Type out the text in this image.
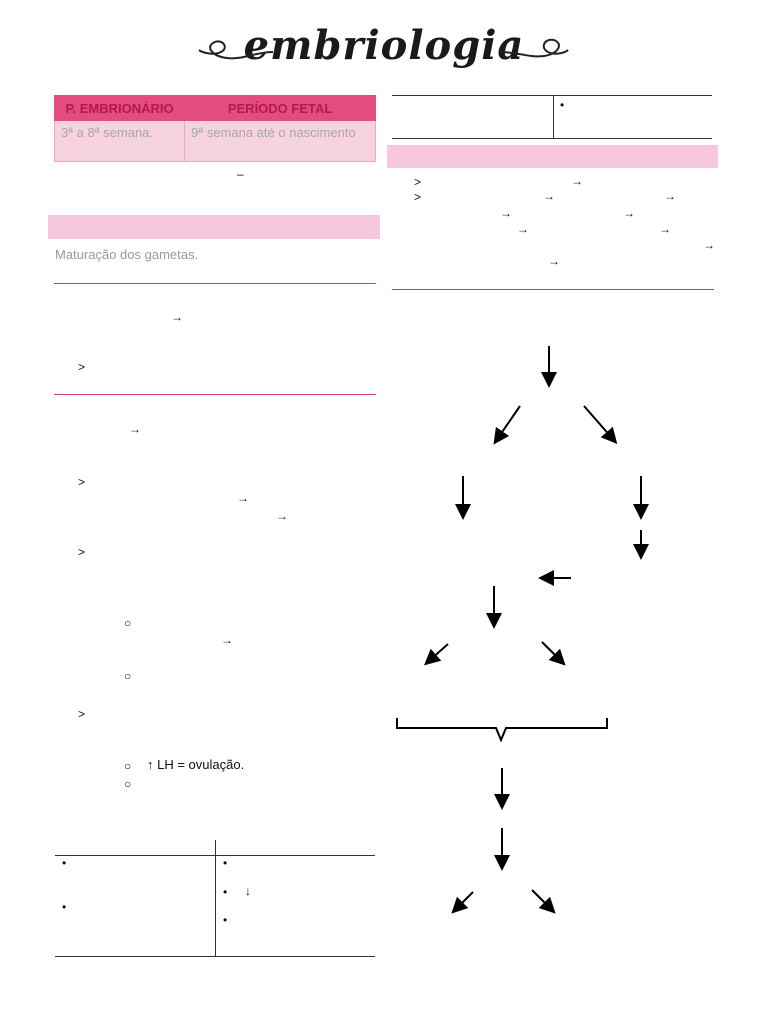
embriologia
P. EMBRIONÁRIO	PERÍODO FETAL
3ª a 8ª semana.	9ª semana até o nascimento
–
Maturação dos gametas.
→
>
→
>
→
→
>
○
→
○
>
○ ↑ LH = ovulação.
○
•
•
•
• ↓
•
•
>	→
>	→	→
→	→
→	→
→
→
